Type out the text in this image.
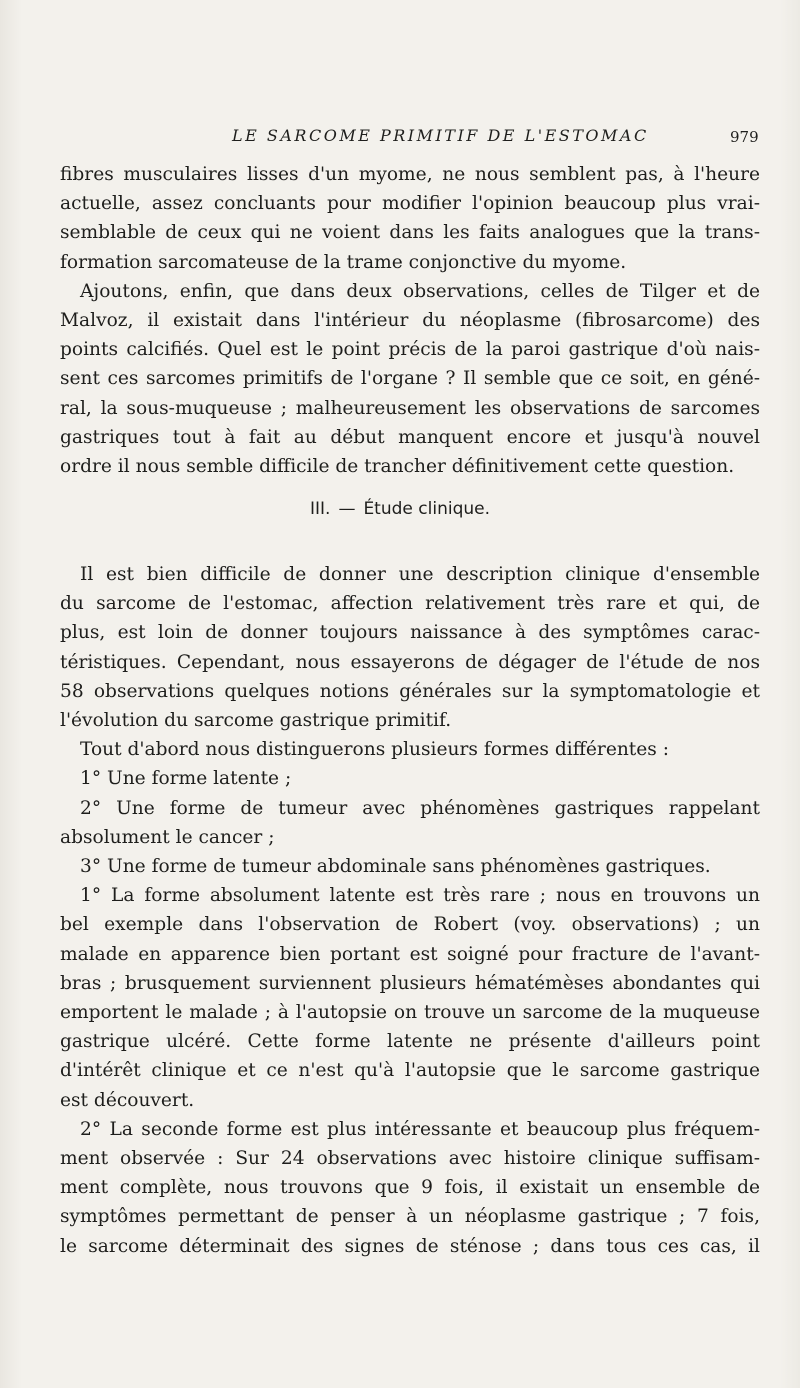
LE SARCOME PRIMITIF DE L'ESTOMAC	979
fibres musculaires lisses d'un myome, ne nous semblent pas, à l'heure
actuelle, assez concluants pour modifier l'opinion beaucoup plus vrai-
semblable de ceux qui ne voient dans les faits analogues que la trans-
formation sarcomateuse de la trame conjonctive du myome.
Ajoutons, enfin, que dans deux observations, celles de Tilger et de
Malvoz, il existait dans l'intérieur du néoplasme (fibrosarcome) des
points calcifiés. Quel est le point précis de la paroi gastrique d'où nais-
sent ces sarcomes primitifs de l'organe ? Il semble que ce soit, en géné-
ral, la sous-muqueuse ; malheureusement les observations de sarcomes
gastriques tout à fait au début manquent encore et jusqu'à nouvel
ordre il nous semble difficile de trancher définitivement cette question.
III. — Étude clinique.
Il est bien difficile de donner une description clinique d'ensemble
du sarcome de l'estomac, affection relativement très rare et qui, de
plus, est loin de donner toujours naissance à des symptômes carac-
téristiques. Cependant, nous essayerons de dégager de l'étude de nos
58 observations quelques notions générales sur la symptomatologie et
l'évolution du sarcome gastrique primitif.
Tout d'abord nous distinguerons plusieurs formes différentes :
1° Une forme latente ;
2° Une forme de tumeur avec phénomènes gastriques rappelant
absolument le cancer ;
3° Une forme de tumeur abdominale sans phénomènes gastriques.
1° La forme absolument latente est très rare ; nous en trouvons un
bel exemple dans l'observation de Robert (voy. observations) ; un
malade en apparence bien portant est soigné pour fracture de l'avant-
bras ; brusquement surviennent plusieurs hématémèses abondantes qui
emportent le malade ; à l'autopsie on trouve un sarcome de la muqueuse
gastrique ulcéré. Cette forme latente ne présente d'ailleurs point
d'intérêt clinique et ce n'est qu'à l'autopsie que le sarcome gastrique
est découvert.
2° La seconde forme est plus intéressante et beaucoup plus fréquem-
ment observée : Sur 24 observations avec histoire clinique suffisam-
ment complète, nous trouvons que 9 fois, il existait un ensemble de
symptômes permettant de penser à un néoplasme gastrique ; 7 fois,
le sarcome déterminait des signes de sténose ; dans tous ces cas, il
